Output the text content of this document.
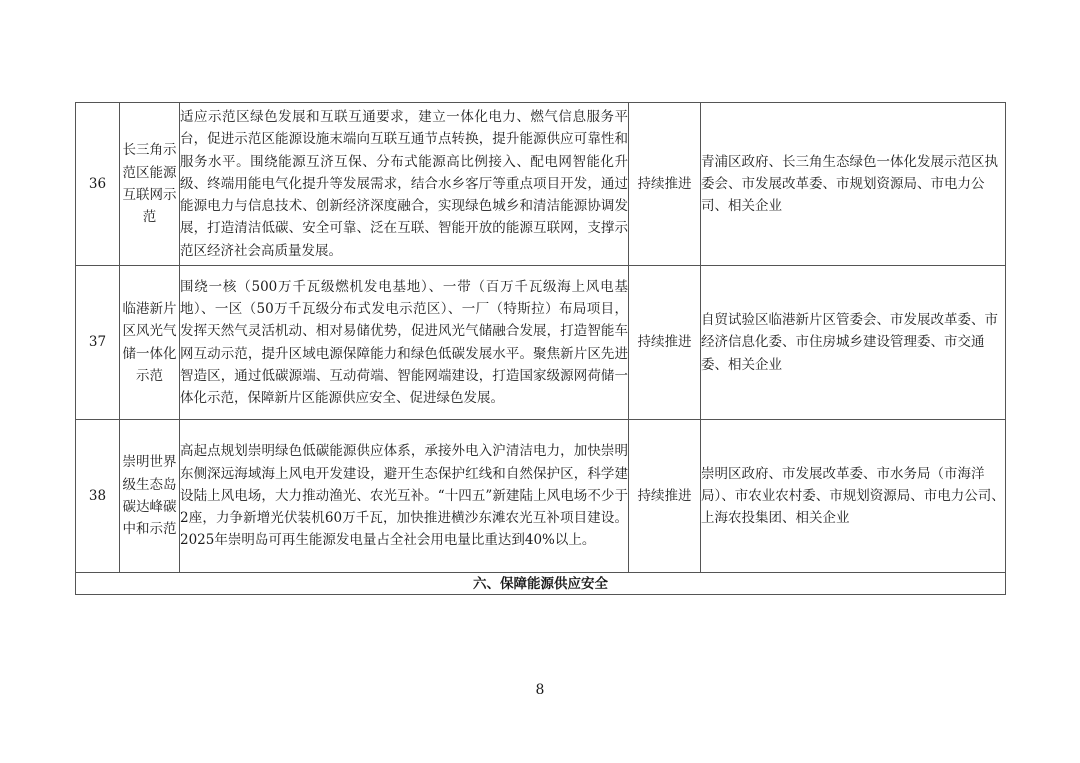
36	长三角示范区能源互联网示范	适应示范区绿色发展和互联互通要求，建立一体化电力、燃气信息服务平台，促进示范区能源设施末端向互联互通节点转换，提升能源供应可靠性和服务水平。围绕能源互济互保、分布式能源高比例接入、配电网智能化升级、终端用能电气化提升等发展需求，结合水乡客厅等重点项目开发，通过能源电力与信息技术、创新经济深度融合，实现绿色城乡和清洁能源协调发展，打造清洁低碳、安全可靠、泛在互联、智能开放的能源互联网，支撑示范区经济社会高质量发展。	持续推进	青浦区政府、长三角生态绿色一体化发展示范区执委会、市发展改革委、市规划资源局、市电力公司、相关企业
37	临港新片区风光气储一体化示范	围绕一核（500万千瓦级燃机发电基地）、一带（百万千瓦级海上风电基地）、一区（50万千瓦级分布式发电示范区）、一厂（特斯拉）布局项目，发挥天然气灵活机动、相对易储优势，促进风光气储融合发展，打造智能车网互动示范，提升区域电源保障能力和绿色低碳发展水平。聚焦新片区先进智造区，通过低碳源端、互动荷端、智能网端建设，打造国家级源网荷储一体化示范，保障新片区能源供应安全、促进绿色发展。	持续推进	自贸试验区临港新片区管委会、市发展改革委、市经济信息化委、市住房城乡建设管理委、市交通委、相关企业
38	崇明世界级生态岛碳达峰碳中和示范	高起点规划崇明绿色低碳能源供应体系，承接外电入沪清洁电力，加快崇明东侧深远海域海上风电开发建设，避开生态保护红线和自然保护区，科学建设陆上风电场，大力推动渔光、农光互补。“十四五”新建陆上风电场不少于2座，力争新增光伏装机60万千瓦，加快推进横沙东滩农光互补项目建设。2025年崇明岛可再生能源发电量占全社会用电量比重达到40%以上。	持续推进	崇明区政府、市发展改革委、市水务局（市海洋局）、市农业农村委、市规划资源局、市电力公司、上海农投集团、相关企业
六、保障能源供应安全				
8
